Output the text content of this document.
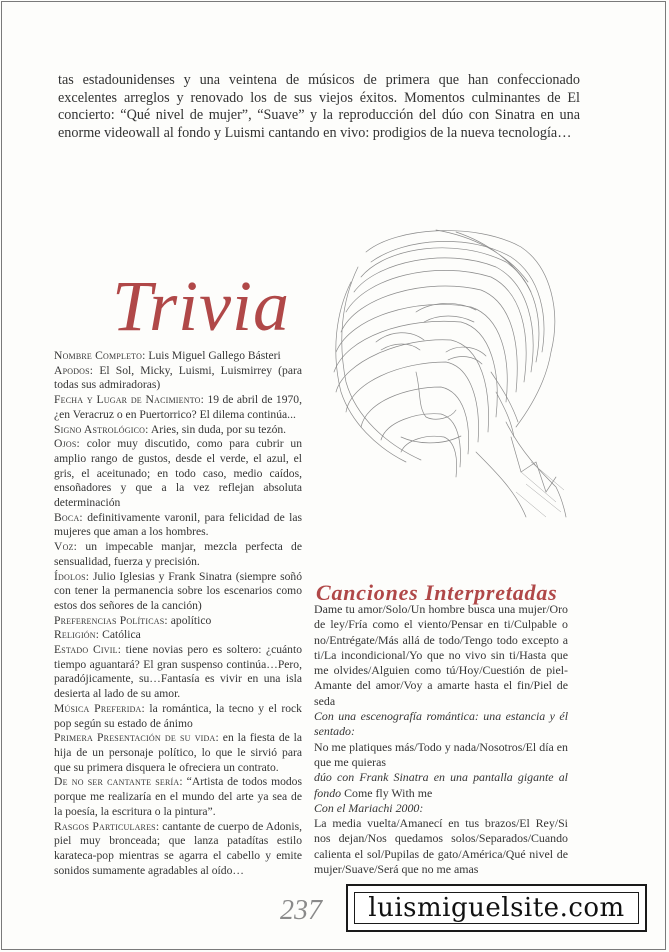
tas estadounidenses y una veintena de músicos de primera que han confeccionado excelentes arreglos y renovado los de sus viejos éxitos. Momentos culminantes de El concierto: “Qué nivel de mujer”, “Suave” y la reproducción del dúo con Sinatra en una enorme videowall al fondo y Luismi cantando en vivo: prodigios de la nueva tecnología…

Trivia

Nombre Completo: Luis Miguel Gallego Básteri

Apodos: El Sol, Micky, Luismi, Luismirrey (para todas sus admiradoras)

Fecha y Lugar de Nacimiento: 19 de abril de 1970, ¿en Veracruz o en Puertorrico? El dilema continúa...

Signo Astrológico: Aries, sin duda, por su tezón.

Ojos: color muy discutido, como para cubrir un amplio rango de gustos, desde el verde, el azul, el gris, el aceitunado; en todo caso, medio caídos, ensoñadores y que a la vez reflejan absoluta determinación

Boca: definitivamente varonil, para felicidad de las mujeres que aman a los hombres.

Voz: un impecable manjar, mezcla perfecta de sensualidad, fuerza y precisión.

Ídolos: Julio Iglesias y Frank Sinatra (siempre soñó con tener la permanencia sobre los escenarios como estos dos señores de la canción)

Preferencias Políticas: apolítico

Religión: Católica

Estado Civil: tiene novias pero es soltero: ¿cuánto tiempo aguantará? El gran suspenso continúa…Pero, paradójicamente, su…Fantasía es vivir en una isla desierta al lado de su amor.

Música Preferida: la romántica, la tecno y el rock pop según su estado de ánimo

Primera Presentación de su vida: en la fiesta de la hija de un personaje político, lo que le sirvió para que su primera disquera le ofreciera un contrato.

De no ser cantante sería: “Artista de todos modos porque me realizaría en el mundo del arte ya sea de la poesía, la escritura o la pintura”.

Rasgos Particulares: cantante de cuerpo de Adonis, piel muy bronceada; que lanza patadítas estilo karateca-pop mientras se agarra el cabello y emite sonidos sumamente agradables al oído…

Canciones Interpretadas

Dame tu amor/Solo/Un hombre busca una mujer/Oro de ley/Fría como el viento/Pensar en ti/Culpable o no/Entrégate/Más allá de todo/Tengo todo excepto a ti/La incondicional/Yo que no vivo sin ti/Hasta que me olvides/Alguien como tú/Hoy/Cuestión de piel-Amante del amor/Voy a amarte hasta el fin/Piel de seda

Con una escenografía romántica: una estancia y él sentado:

No me platiques más/Todo y nada/Nosotros/El día en que me quieras

dúo con Frank Sinatra en una pantalla gigante al fondo Come fly With me

Con el Mariachi 2000:

La media vuelta/Amanecí en tus brazos/El Rey/Si nos dejan/Nos quedamos solos/Separados/Cuando calienta el sol/Pupilas de gato/América/Qué nivel de mujer/Suave/Será que no me amas

237	luismiguelsite.com
